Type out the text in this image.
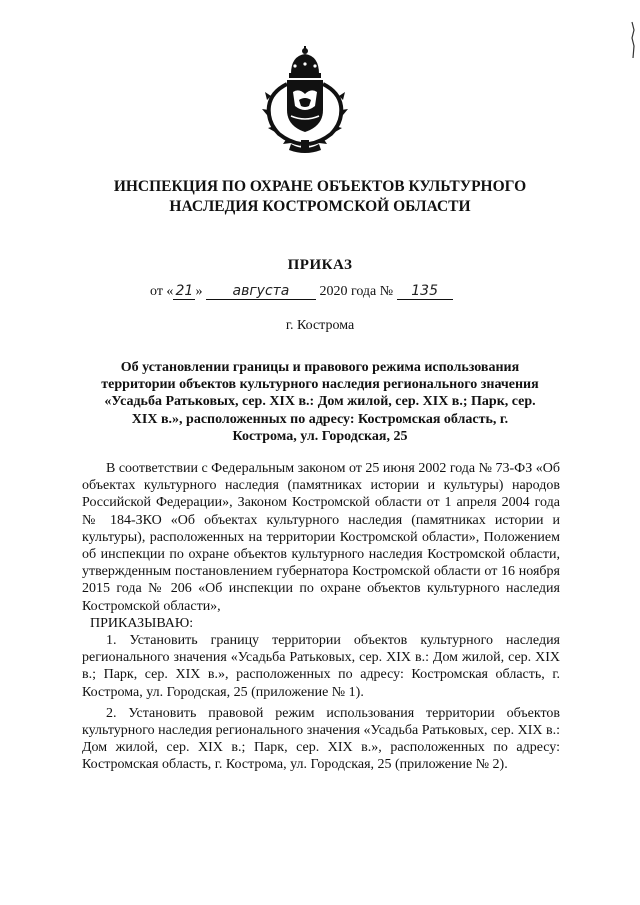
ИНСПЕКЦИЯ ПО ОХРАНЕ ОБЪЕКТОВ КУЛЬТУРНОГО
НАСЛЕДИЯ КОСТРОМСКОЙ ОБЛАСТИ
ПРИКАЗ
от « 21 » августа 2020 года № 135
г. Кострома
Об установлении границы и правового режима использования территории объектов культурного наследия регионального значения «Усадьба Ратьковых, сер. XIX в.: Дом жилой, сер. XIX в.; Парк, сер. XIX в.», расположенных по адресу: Костромская область, г. Кострома, ул. Городская, 25

В соответствии с Федеральным законом от 25 июня 2002 года № 73-ФЗ «Об объектах культурного наследия (памятниках истории и культуры) народов Российской Федерации», Законом Костромской области от 1 апреля 2004 года № 184-ЗКО «Об объектах культурного наследия (памятниках истории и культуры), расположенных на территории Костромской области», Положением об инспекции по охране объектов культурного наследия Костромской области, утвержденным постановлением губернатора Костромской области от 16 ноября 2015 года № 206 «Об инспекции по охране объектов культурного наследия Костромской области»,

ПРИКАЗЫВАЮ:

1. Установить границу территории объектов культурного наследия регионального значения «Усадьба Ратьковых, сер. XIX в.: Дом жилой, сер. XIX в.; Парк, сер. XIX в.», расположенных по адресу: Костромская область, г. Кострома, ул. Городская, 25 (приложение № 1).

2. Установить правовой режим использования территории объектов культурного наследия регионального значения «Усадьба Ратьковых, сер. XIX в.: Дом жилой, сер. XIX в.; Парк, сер. XIX в.», расположенных по адресу: Костромская область, г. Кострома, ул. Городская, 25 (приложение № 2).
